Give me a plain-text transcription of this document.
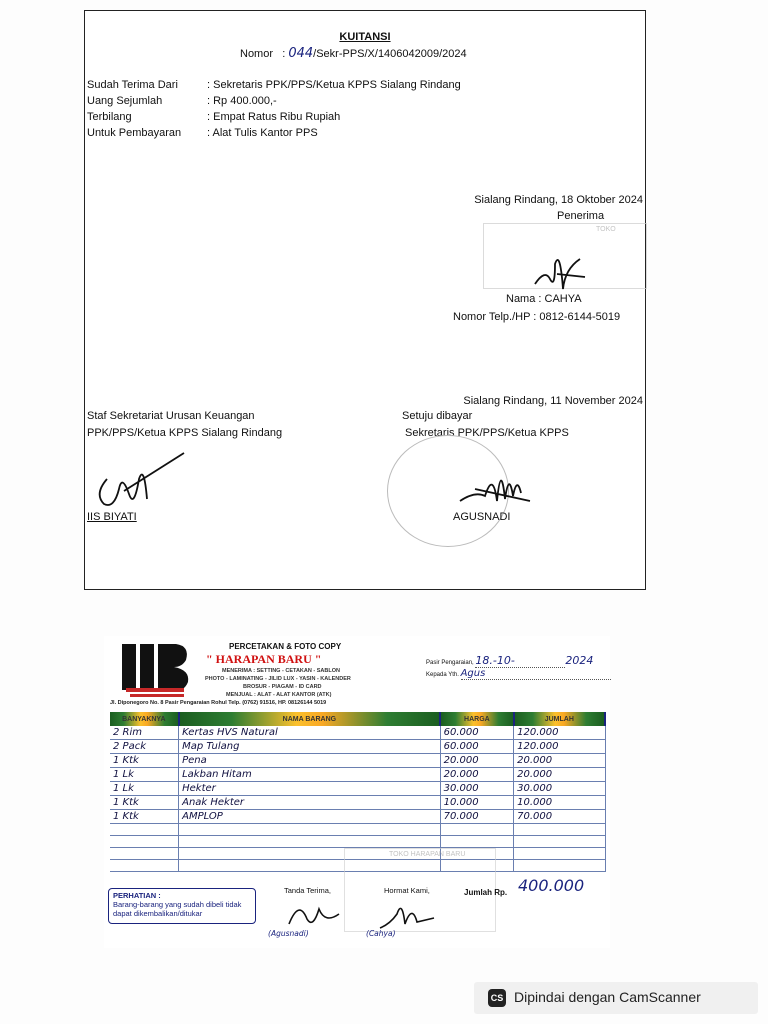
KUITANSI
Nomor : 044/Sekr-PPS/X/1406042009/2024
Sudah Terima Dari	: Sekretaris PPK/PPS/Ketua KPPS Sialang Rindang
Uang Sejumlah	: Rp 400.000,-
Terbilang	: Empat Ratus Ribu Rupiah
Untuk Pembayaran : Alat Tulis Kantor PPS
Sialang Rindang, 18 Oktober 2024
Penerima
TOKO
Nama : CAHYA
Nomor Telp./HP : 0812-6144-5019
Sialang Rindang, 11 November 2024
Staf Sekretariat Urusan Keuangan
PPK/PPS/Ketua KPPS Sialang Rindang
Setuju dibayar
Sekretaris PPK/PPS/Ketua KPPS
IIS BIYATI	AGUSNADI
PERCETAKAN & FOTO COPY
" HARAPAN BARU "
MENERIMA : SETTING - CETAKAN - SABLON
PHOTO - LAMINATING - JILID LUX - YASIN - KALENDER
BROSUR - PIAGAM - ID CARD
MENJUAL : ALAT - ALAT KANTOR (ATK)
Jl. Diponegoro No. 8 Pasir Pengaraian Rohul Telp. (0762) 91516, HP. 08126144 5019
Pasir Pengaraian, 18.-10-	2024
Kepada Yth. Agus
BANYAKNYA	NAMA BARANG	HARGA	JUMLAH
2 Rim	Kertas HVS Natural	60.000	120.000
2 Pack	Map Tulang	60.000	120.000
1 Ktk	Pena	20.000	20.000
1 Lk	Lakban Hitam	20.000	20.000
1 Lk	Hekter	30.000	30.000
1 Ktk	Anak Hekter	10.000	10.000
1 Ktk	AMPLOP	70.000	70.000

PERHATIAN :
Barang-barang yang sudah dibeli tidak dapat dikembalikan/ditukar
Tanda Terima,	Hormat Kami,
TOKO HARAPAN BARU
Jumlah Rp. 400.000
(Agusnadi)	(Cahya)
CS Dipindai dengan CamScanner
